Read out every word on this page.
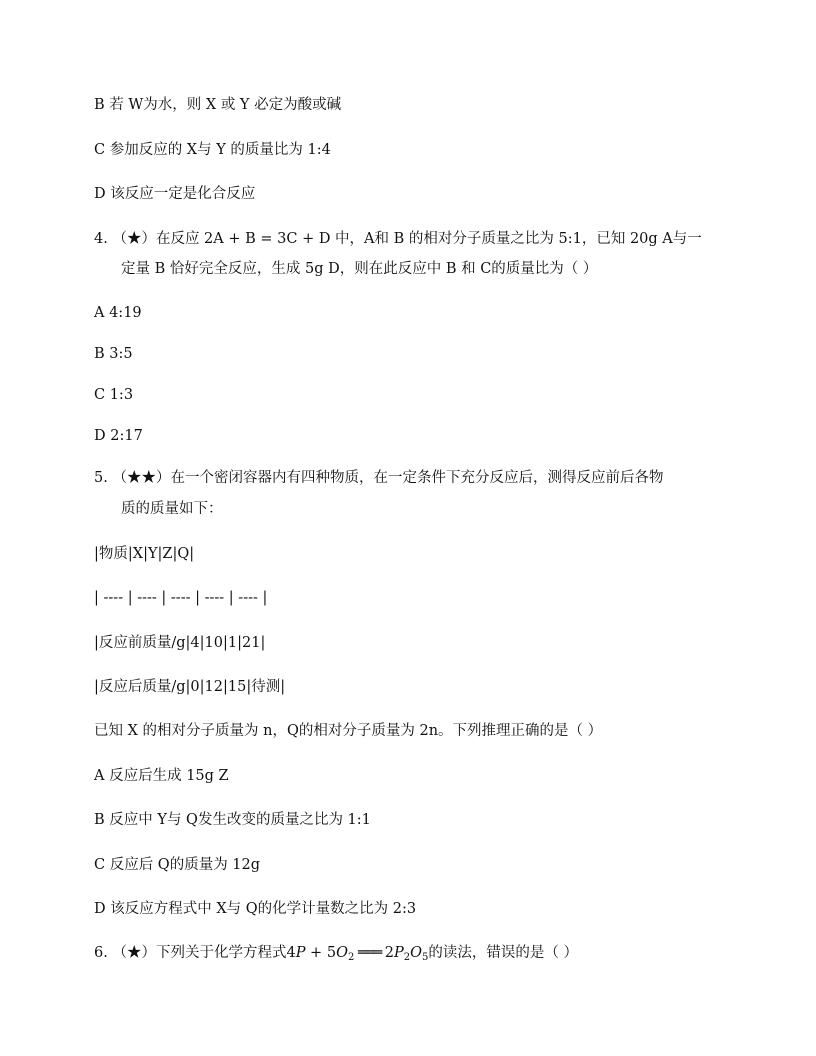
B 若 W为水，则 X 或 Y 必定为酸或碱
C 参加反应的 X与 Y 的质量比为 1:4
D 该反应一定是化合反应
4. （★）在反应 2A + B = 3C + D 中，A和 B 的相对分子质量之比为 5:1，已知 20g A与一
定量 B 恰好完全反应，生成 5g D，则在此反应中 B 和 C的质量比为（ ）
A 4:19
B 3:5
C 1:3
D 2:17
5. （★★）在一个密闭容器内有四种物质，在一定条件下充分反应后，测得反应前后各物
质的质量如下：
|物质|X|Y|Z|Q|
| ---- | ---- | ---- | ---- | ---- |
|反应前质量/g|4|10|1|21|
|反应后质量/g|0|12|15|待测|
已知 X 的相对分子质量为 n，Q的相对分子质量为 2n。下列推理正确的是（ ）
A 反应后生成 15g Z
B 反应中 Y与 Q发生改变的质量之比为 1:1
C 反应后 Q的质量为 12g
D 该反应方程式中 X与 Q的化学计量数之比为 2:3
6. （★）下列关于化学方程式$4P + 5O_2$ ═══ $2P_2O_5$的读法，错误的是（ ）
